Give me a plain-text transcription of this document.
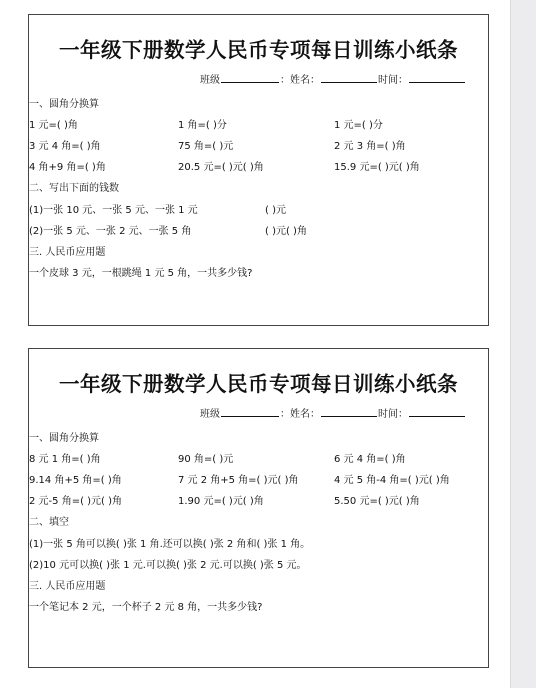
一年级下册数学人民币专项每日训练小纸条
班级	：姓名：	时间：
一、圆角分换算
1 元=( )角	1 角=( )分	1 元=( )分
3 元 4 角=( )角	75 角=( )元	2 元 3 角=( )角
4 角+9 角=( )角	20.5 元=( )元( )角	15.9 元=( )元( )角
二、写出下面的钱数
(1)一张 10 元、一张 5 元、一张 1 元	( )元
(2)一张 5 元、一张 2 元、一张 5 角	( )元( )角
三. 人民币应用题
一个皮球 3 元，一根跳绳 1 元 5 角，一共多少钱?
一年级下册数学人民币专项每日训练小纸条
班级	：姓名：	时间：
一、圆角分换算
8 元 1 角=( )角	90 角=( )元	6 元 4 角=( )角
9.14 角+5 角=( )角	7 元 2 角+5 角=( )元( )角	4 元 5 角-4 角=( )元( )角
2 元-5 角=( )元( )角	1.90 元=( )元( )角	5.50 元=( )元( )角
二、填空
(1)一张 5 角可以换( )张 1 角.还可以换( )张 2 角和( )张 1 角。
(2)10 元可以换( )张 1 元.可以换( )张 2 元.可以换( )张 5 元。
三. 人民币应用题
一个笔记本 2 元，一个杯子 2 元 8 角，一共多少钱?
